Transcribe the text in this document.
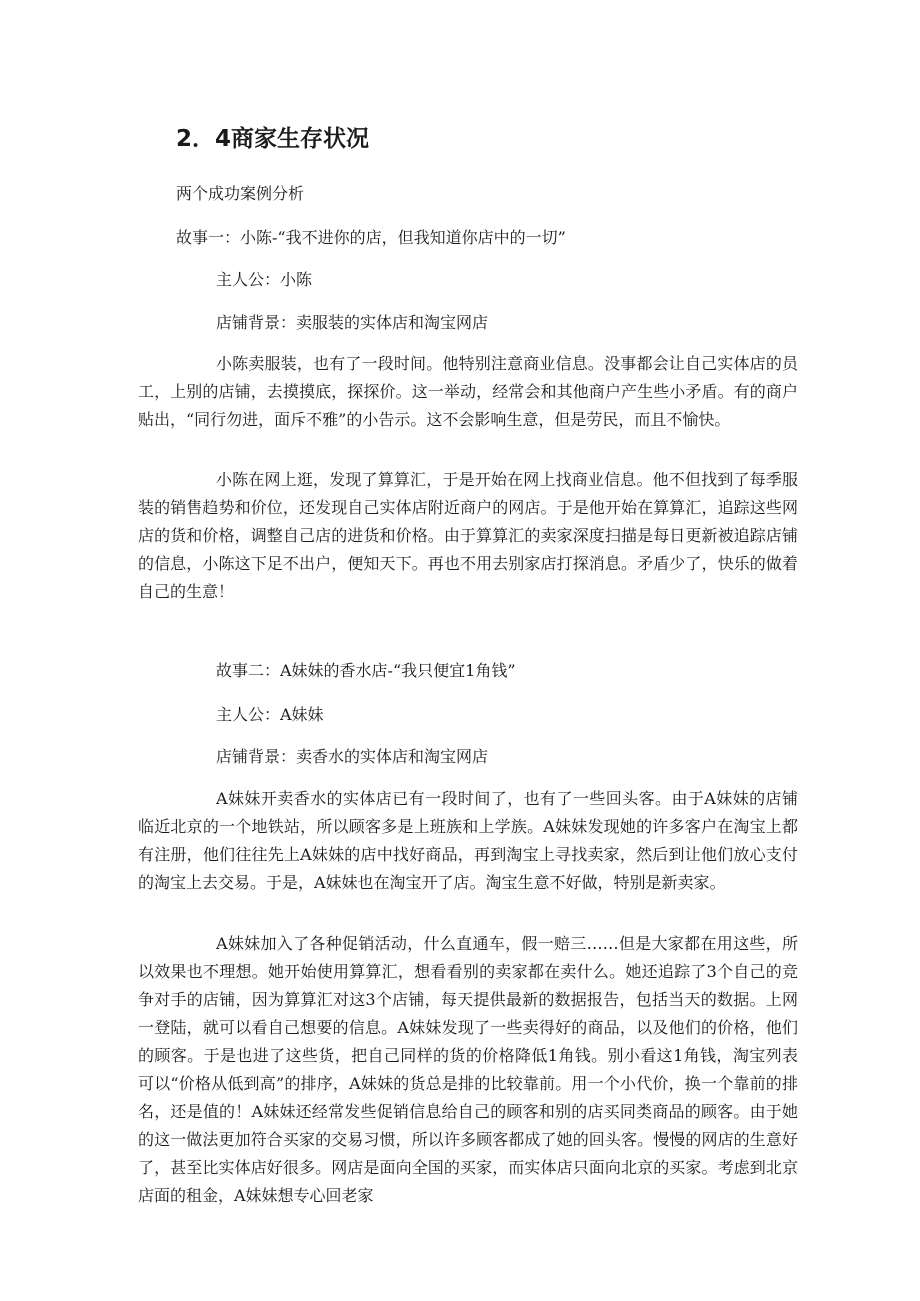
2．4商家生存状况

两个成功案例分析

故事一：小陈-“我不进你的店，但我知道你店中的一切”

主人公：小陈

店铺背景：卖服装的实体店和淘宝网店

小陈卖服装，也有了一段时间。他特别注意商业信息。没事都会让自己实体店的员工，上别的店铺，去摸摸底，探探价。这一举动，经常会和其他商户产生些小矛盾。有的商户贴出，“同行勿进，面斥不雅”的小告示。这不会影响生意，但是劳民，而且不愉快。

小陈在网上逛，发现了算算汇，于是开始在网上找商业信息。他不但找到了每季服装的销售趋势和价位，还发现自己实体店附近商户的网店。于是他开始在算算汇，追踪这些网店的货和价格，调整自己店的进货和价格。由于算算汇的卖家深度扫描是每日更新被追踪店铺的信息，小陈这下足不出户，便知天下。再也不用去别家店打探消息。矛盾少了，快乐的做着自己的生意！

故事二：A妹妹的香水店-“我只便宜1角钱”

主人公：A妹妹

店铺背景：卖香水的实体店和淘宝网店

A妹妹开卖香水的实体店已有一段时间了，也有了一些回头客。由于A妹妹的店铺临近北京的一个地铁站，所以顾客多是上班族和上学族。A妹妹发现她的许多客户在淘宝上都有注册，他们往往先上A妹妹的店中找好商品，再到淘宝上寻找卖家，然后到让他们放心支付的淘宝上去交易。于是，A妹妹也在淘宝开了店。淘宝生意不好做，特别是新卖家。

A妹妹加入了各种促销活动，什么直通车，假一赔三……但是大家都在用这些，所以效果也不理想。她开始使用算算汇，想看看别的卖家都在卖什么。她还追踪了3个自己的竞争对手的店铺，因为算算汇对这3个店铺，每天提供最新的数据报告，包括当天的数据。上网一登陆，就可以看自己想要的信息。A妹妹发现了一些卖得好的商品，以及他们的价格，他们的顾客。于是也进了这些货，把自己同样的货的价格降低1角钱。别小看这1角钱，淘宝列表可以“价格从低到高”的排序，A妹妹的货总是排的比较靠前。用一个小代价，换一个靠前的排名，还是值的！A妹妹还经常发些促销信息给自己的顾客和别的店买同类商品的顾客。由于她的这一做法更加符合买家的交易习惯，所以许多顾客都成了她的回头客。慢慢的网店的生意好了，甚至比实体店好很多。网店是面向全国的买家，而实体店只面向北京的买家。考虑到北京店面的租金，A妹妹想专心回老家
